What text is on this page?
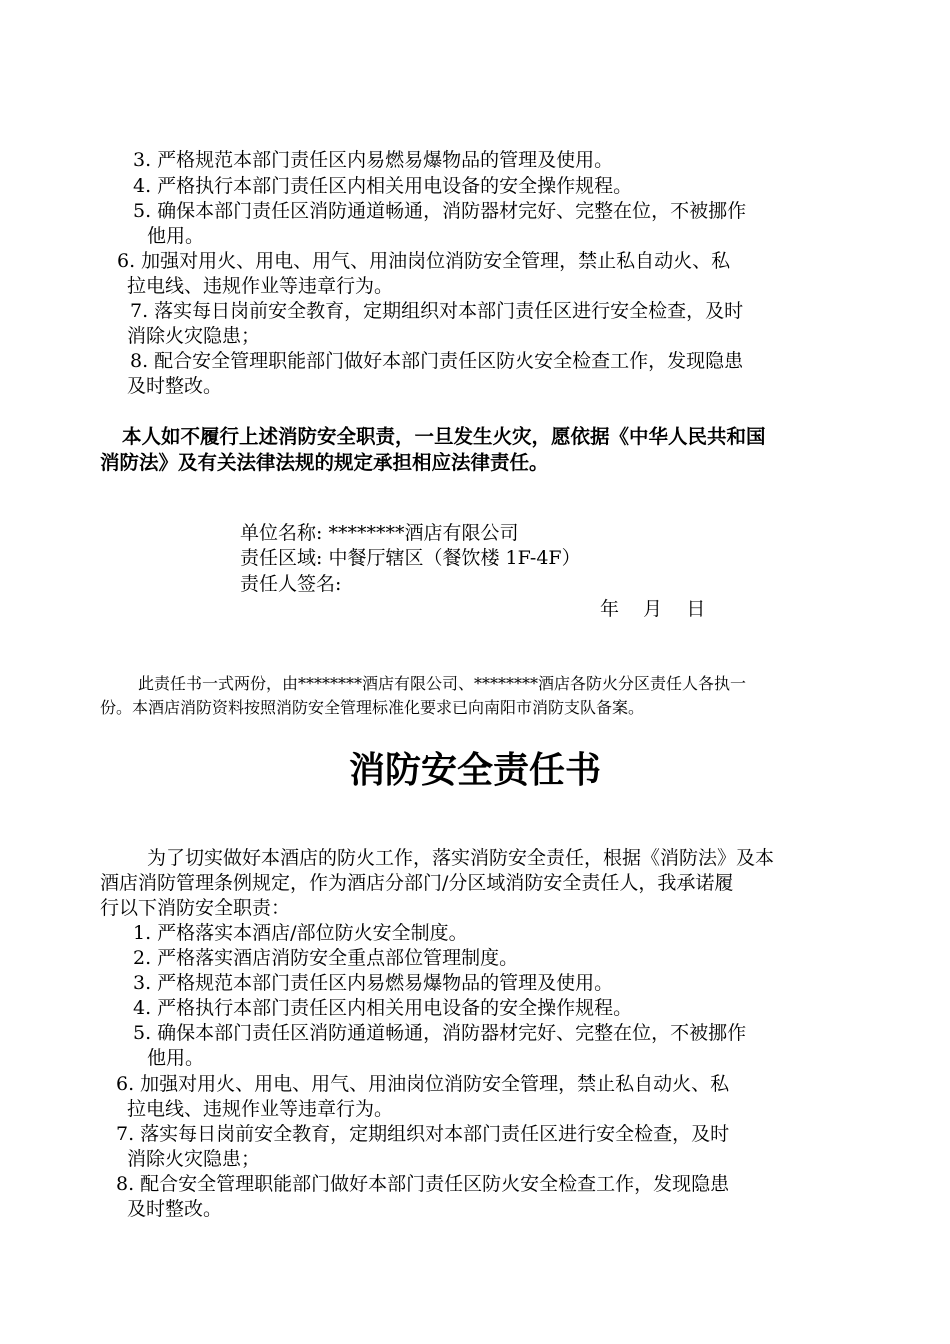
3. 严格规范本部门责任区内易燃易爆物品的管理及使用。
4. 严格执行本部门责任区内相关用电设备的安全操作规程。
5. 确保本部门责任区消防通道畅通，消防器材完好、完整在位，不被挪作
他用。
6. 加强对用火、用电、用气、用油岗位消防安全管理，禁止私自动火、私
拉电线、违规作业等违章行为。
7. 落实每日岗前安全教育，定期组织对本部门责任区进行安全检查，及时
消除火灾隐患；
8. 配合安全管理职能部门做好本部门责任区防火安全检查工作，发现隐患
及时整改。
本人如不履行上述消防安全职责，一旦发生火灾，愿依据《中华人民共和国
消防法》及有关法律法规的规定承担相应法律责任。
单位名称: ********酒店有限公司
责任区域: 中餐厅辖区（餐饮楼 1F-4F）
责任人签名:
年    月    日
此责任书一式两份，由********酒店有限公司、********酒店各防火分区责任人各执一
份。本酒店消防资料按照消防安全管理标准化要求已向南阳市消防支队备案。
消防安全责任书
为了切实做好本酒店的防火工作，落实消防安全责任，根据《消防法》及本
酒店消防管理条例规定，作为酒店分部门/分区域消防安全责任人，我承诺履
行以下消防安全职责：
1. 严格落实本酒店/部位防火安全制度。
2. 严格落实酒店消防安全重点部位管理制度。
3. 严格规范本部门责任区内易燃易爆物品的管理及使用。
4. 严格执行本部门责任区内相关用电设备的安全操作规程。
5. 确保本部门责任区消防通道畅通，消防器材完好、完整在位，不被挪作
他用。
6. 加强对用火、用电、用气、用油岗位消防安全管理，禁止私自动火、私
拉电线、违规作业等违章行为。
7. 落实每日岗前安全教育，定期组织对本部门责任区进行安全检查，及时
消除火灾隐患；
8. 配合安全管理职能部门做好本部门责任区防火安全检查工作，发现隐患
及时整改。
